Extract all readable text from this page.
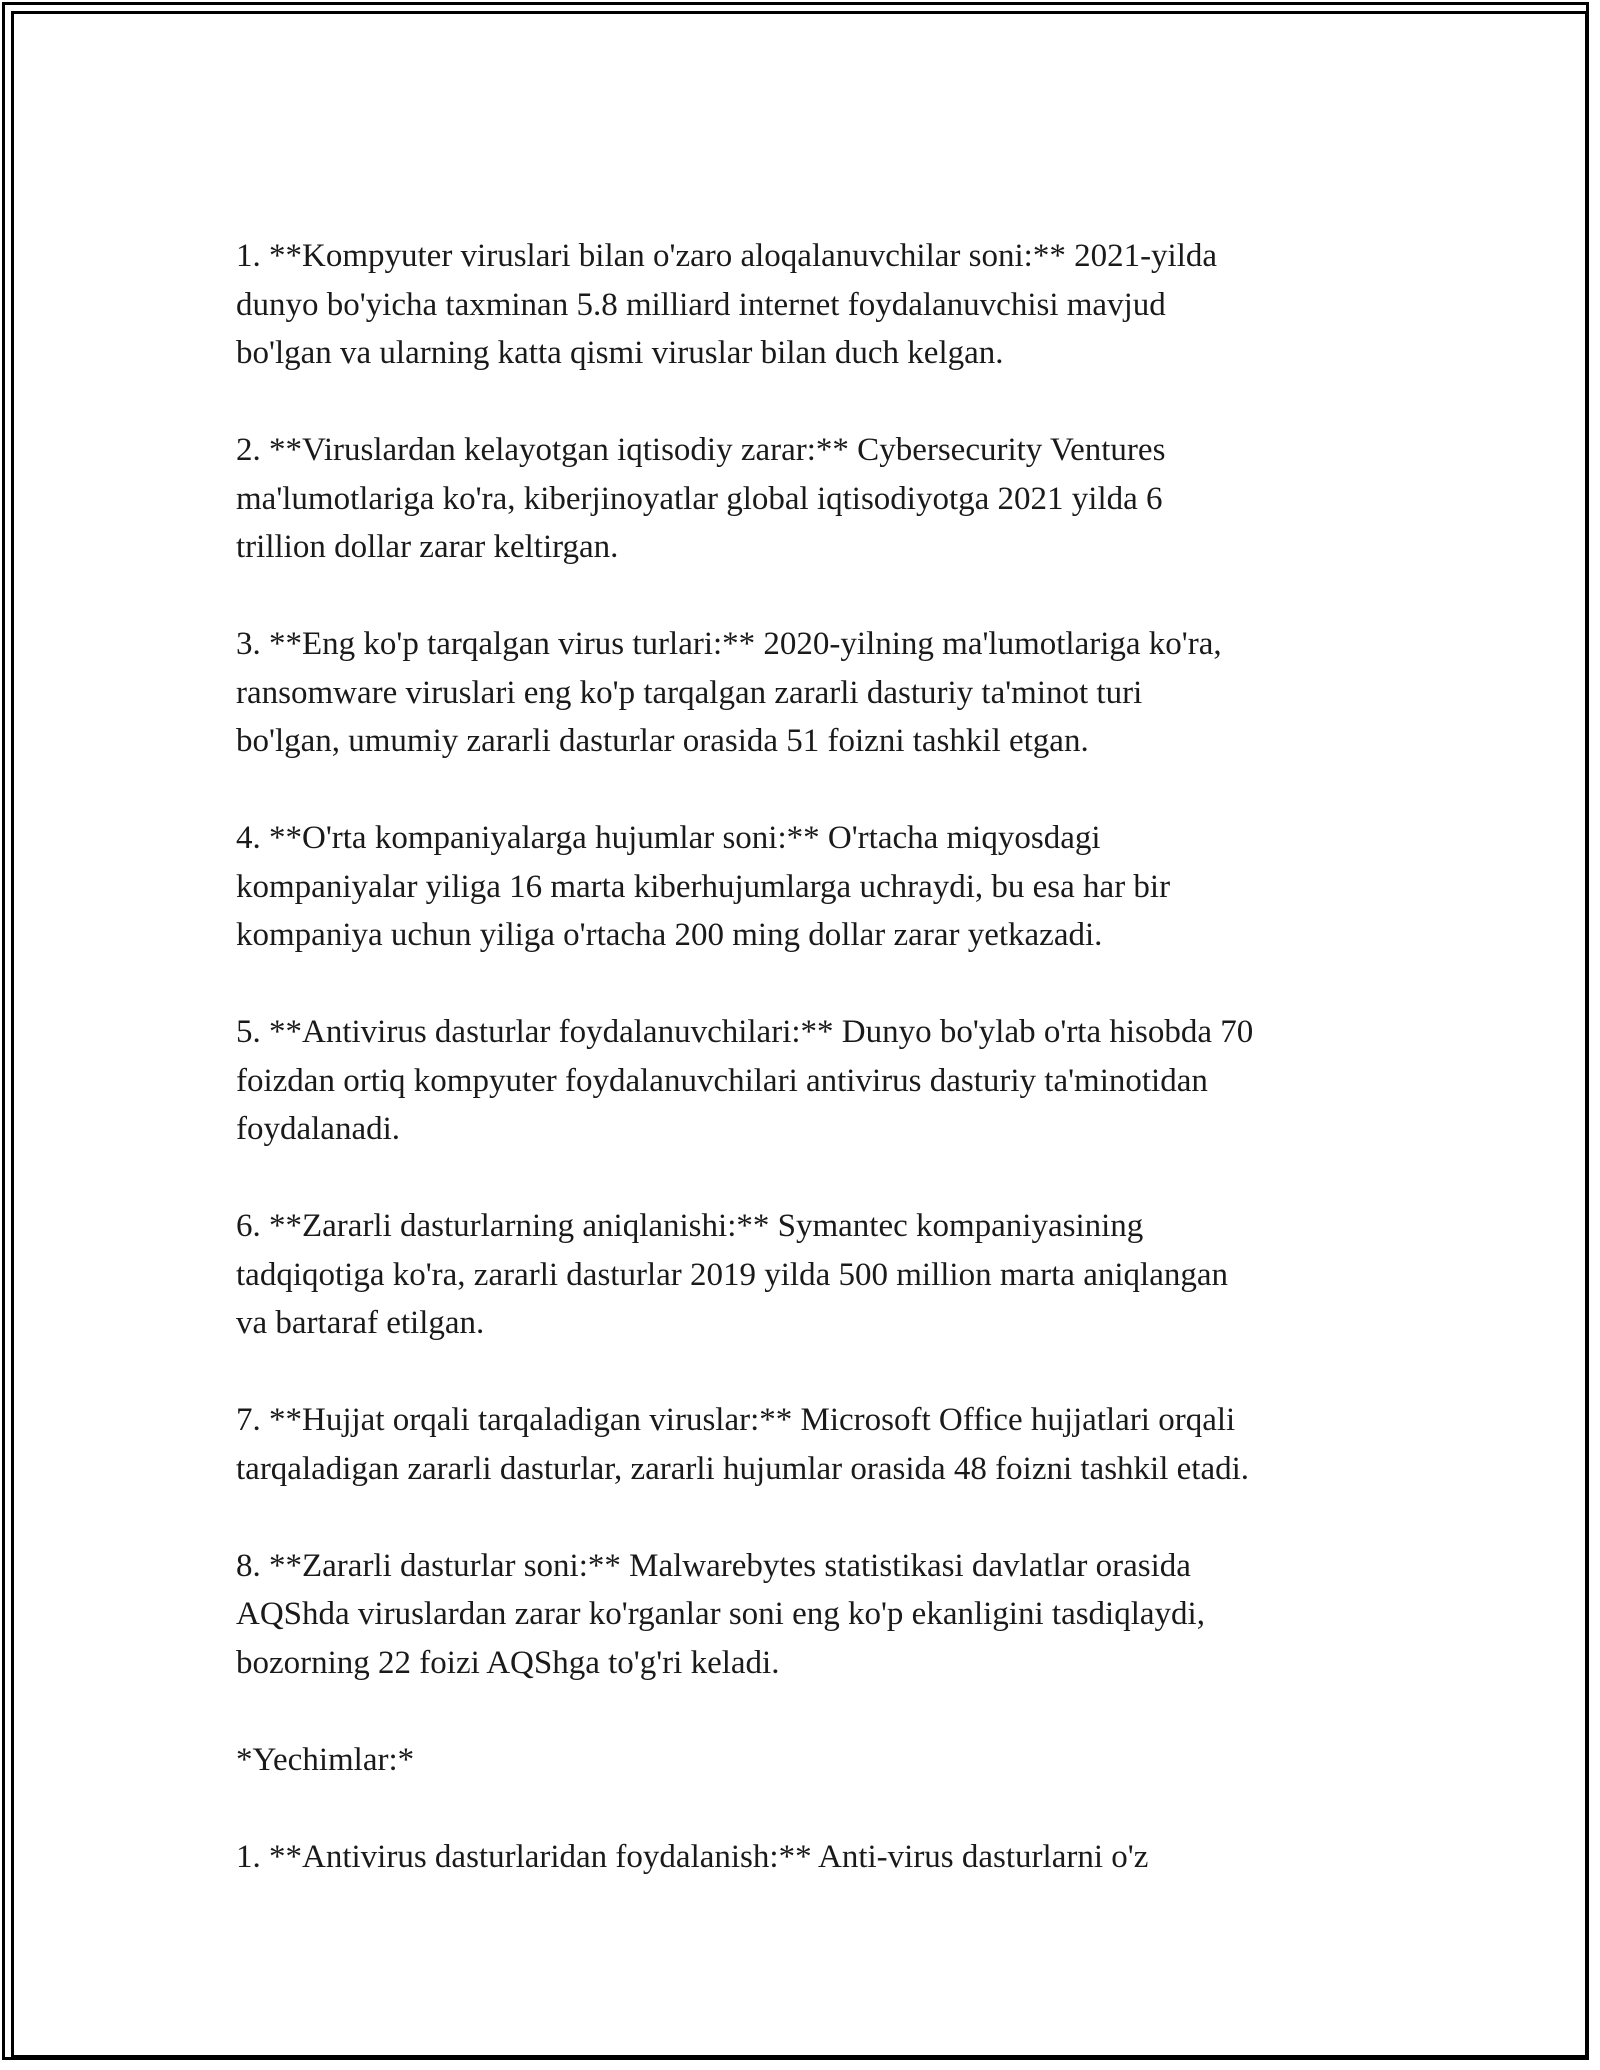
1. **Kompyuter viruslari bilan o'zaro aloqalanuvchilar soni:** 2021-yilda
dunyo bo'yicha taxminan 5.8 milliard internet foydalanuvchisi mavjud
bo'lgan va ularning katta qismi viruslar bilan duch kelgan.

2. **Viruslardan kelayotgan iqtisodiy zarar:** Cybersecurity Ventures
ma'lumotlariga ko'ra, kiberjinoyatlar global iqtisodiyotga 2021 yilda 6
trillion dollar zarar keltirgan.

3. **Eng ko'p tarqalgan virus turlari:** 2020-yilning ma'lumotlariga ko'ra,
ransomware viruslari eng ko'p tarqalgan zararli dasturiy ta'minot turi
bo'lgan, umumiy zararli dasturlar orasida 51 foizni tashkil etgan.

4. **O'rta kompaniyalarga hujumlar soni:** O'rtacha miqyosdagi
kompaniyalar yiliga 16 marta kiberhujumlarga uchraydi, bu esa har bir
kompaniya uchun yiliga o'rtacha 200 ming dollar zarar yetkazadi.

5. **Antivirus dasturlar foydalanuvchilari:** Dunyo bo'ylab o'rta hisobda 70
foizdan ortiq kompyuter foydalanuvchilari antivirus dasturiy ta'minotidan
foydalanadi.

6. **Zararli dasturlarning aniqlanishi:** Symantec kompaniyasining
tadqiqotiga ko'ra, zararli dasturlar 2019 yilda 500 million marta aniqlangan
va bartaraf etilgan.

7. **Hujjat orqali tarqaladigan viruslar:** Microsoft Office hujjatlari orqali
tarqaladigan zararli dasturlar, zararli hujumlar orasida 48 foizni tashkil etadi.

8. **Zararli dasturlar soni:** Malwarebytes statistikasi davlatlar orasida
AQShda viruslardan zarar ko'rganlar soni eng ko'p ekanligini tasdiqlaydi,
bozorning 22 foizi AQShga to'g'ri keladi.

*Yechimlar:*

1. **Antivirus dasturlaridan foydalanish:** Anti-virus dasturlarni o'z
